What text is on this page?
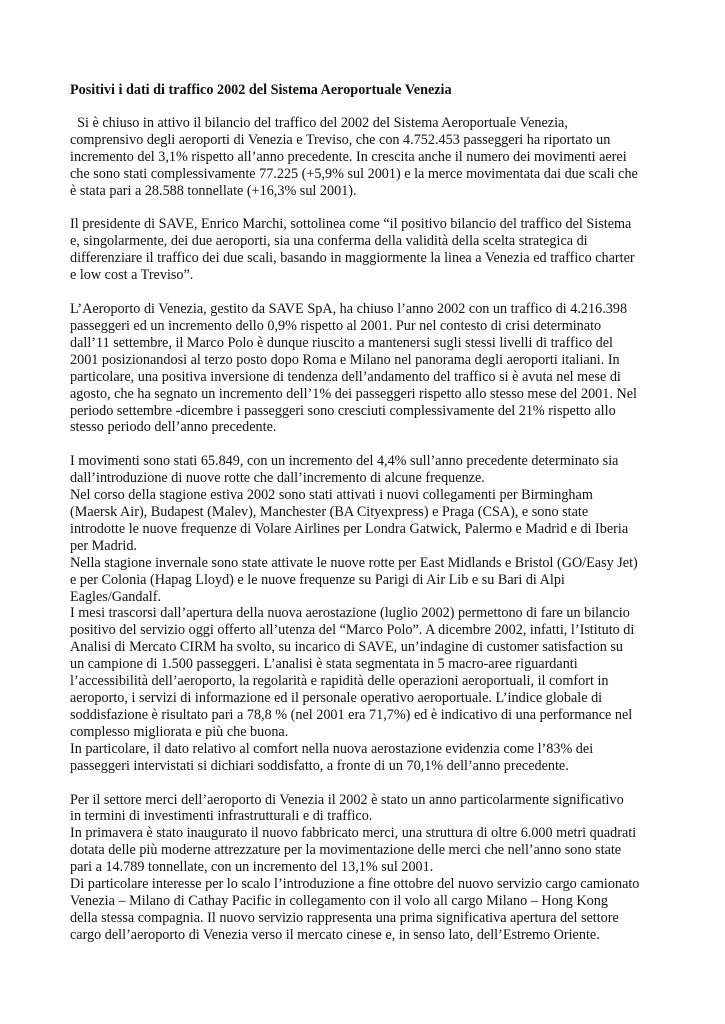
Positivi i dati di traffico 2002 del Sistema Aeroportuale Venezia
Si è chiuso in attivo il bilancio del traffico del 2002 del Sistema Aeroportuale Venezia,
comprensivo degli aeroporti di Venezia e Treviso, che con 4.752.453 passeggeri ha riportato un
incremento del 3,1% rispetto all’anno precedente. In crescita anche il numero dei movimenti aerei
che sono stati complessivamente 77.225 (+5,9% sul 2001) e la merce movimentata dai due scali che
è stata pari a 28.588 tonnellate (+16,3% sul 2001).
Il presidente di SAVE, Enrico Marchi, sottolinea come “il positivo bilancio del traffico del Sistema
e, singolarmente, dei due aeroporti, sia una conferma della validità della scelta strategica di
differenziare il traffico dei due scali, basando in maggiormente la linea a Venezia ed traffico charter
e low cost a Treviso”.
L’Aeroporto di Venezia, gestito da SAVE SpA, ha chiuso l’anno 2002 con un traffico di 4.216.398
passeggeri ed un incremento dello 0,9% rispetto al 2001. Pur nel contesto di crisi determinato
dall’11 settembre, il Marco Polo è dunque riuscito a mantenersi sugli stessi livelli di traffico del
2001 posizionandosi al terzo posto dopo Roma e Milano nel panorama degli aeroporti italiani. In
particolare, una positiva inversione di tendenza dell’andamento del traffico si è avuta nel mese di
agosto, che ha segnato un incremento dell’1% dei passeggeri rispetto allo stesso mese del 2001. Nel
periodo settembre -dicembre i passeggeri sono cresciuti complessivamente del 21% rispetto allo
stesso periodo dell’anno precedente.
I movimenti sono stati 65.849, con un incremento del 4,4% sull’anno precedente determinato sia
dall’introduzione di nuove rotte che dall’incremento di alcune frequenze.
Nel corso della stagione estiva 2002 sono stati attivati i nuovi collegamenti per Birmingham
(Maersk Air), Budapest (Malev), Manchester (BA Cityexpress) e Praga (CSA), e sono state
introdotte le nuove frequenze di Volare Airlines per Londra Gatwick, Palermo e Madrid e di Iberia
per Madrid.
Nella stagione invernale sono state attivate le nuove rotte per East Midlands e Bristol (GO/Easy Jet)
e per Colonia (Hapag Lloyd) e le nuove frequenze su Parigi di Air Lib e su Bari di Alpi
Eagles/Gandalf.
I mesi trascorsi dall’apertura della nuova aerostazione (luglio 2002) permettono di fare un bilancio
positivo del servizio oggi offerto all’utenza del “Marco Polo”. A dicembre 2002, infatti, l’Istituto di
Analisi di Mercato CIRM ha svolto, su incarico di SAVE, un’indagine di customer satisfaction su
un campione di 1.500 passeggeri. L’analisi è stata segmentata in 5 macro-aree riguardanti
l’accessibilità dell’aeroporto, la regolarità e rapidità delle operazioni aeroportuali, il comfort in
aeroporto, i servizi di informazione ed il personale operativo aeroportuale. L’indice globale di
soddisfazione è risultato pari a 78,8 % (nel 2001 era 71,7%) ed è indicativo di una performance nel
complesso migliorata e più che buona.
In particolare, il dato relativo al comfort nella nuova aerostazione evidenzia come l’83% dei
passeggeri intervistati si dichiari soddisfatto, a fronte di un 70,1% dell’anno precedente.
Per il settore merci dell’aeroporto di Venezia il 2002 è stato un anno particolarmente significativo
in termini di investimenti infrastrutturali e di traffico.
In primavera è stato inaugurato il nuovo fabbricato merci, una struttura di oltre 6.000 metri quadrati
dotata delle più moderne attrezzature per la movimentazione delle merci che nell’anno sono state
pari a 14.789 tonnellate, con un incremento del 13,1% sul 2001.
Di particolare interesse per lo scalo l’introduzione a fine ottobre del nuovo servizio cargo camionato
Venezia – Milano di Cathay Pacific in collegamento con il volo all cargo Milano – Hong Kong
della stessa compagnia. Il nuovo servizio rappresenta una prima significativa apertura del settore
cargo dell’aeroporto di Venezia verso il mercato cinese e, in senso lato, dell’Estremo Oriente.
